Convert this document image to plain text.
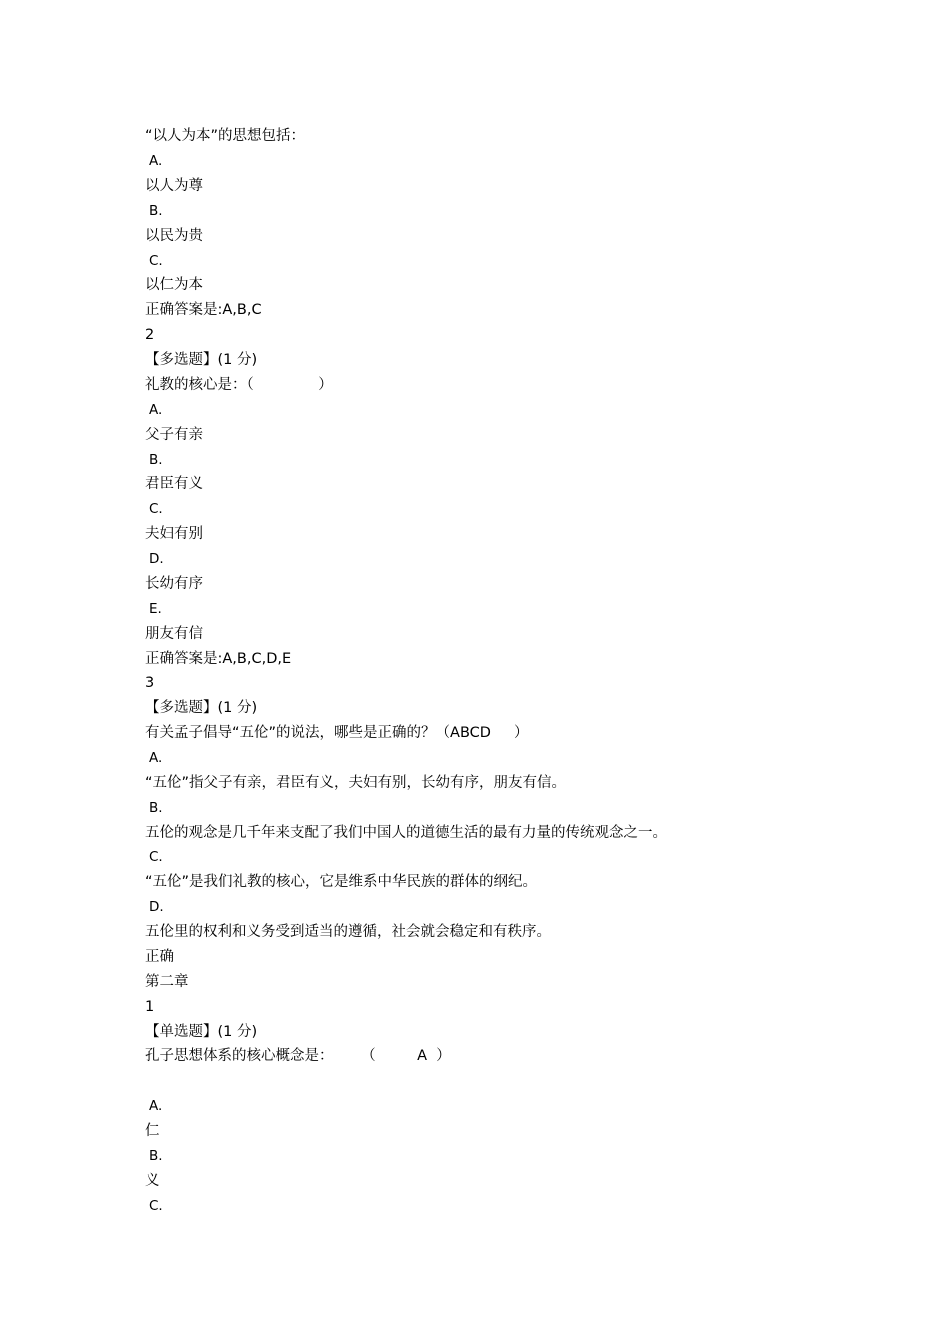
“以人为本”的思想包括：
A.
以人为尊
B.
以民为贵
C.
以仁为本
正确答案是:A,B,C
2
【多选题】(1 分)
礼教的核心是：（              ）
A.
父子有亲
B.
君臣有义
C.
夫妇有别
D.
长幼有序
E.
朋友有信
正确答案是:A,B,C,D,E
3
【多选题】(1 分)
有关孟子倡导“五伦”的说法，哪些是正确的？（ABCD     ）
A.
“五伦”指父子有亲，君臣有义，夫妇有别，长幼有序，朋友有信。
B.
五伦的观念是几千年来支配了我们中国人的道德生活的最有力量的传统观念之一。
C.
“五伦”是我们礼教的核心，它是维系中华民族的群体的纲纪。
D.
五伦里的权利和义务受到适当的遵循，社会就会稳定和有秩序。
正确
第二章
1
【单选题】(1 分)
孔子思想体系的核心概念是：      （         A  ）
A.
仁
B.
义
C.
